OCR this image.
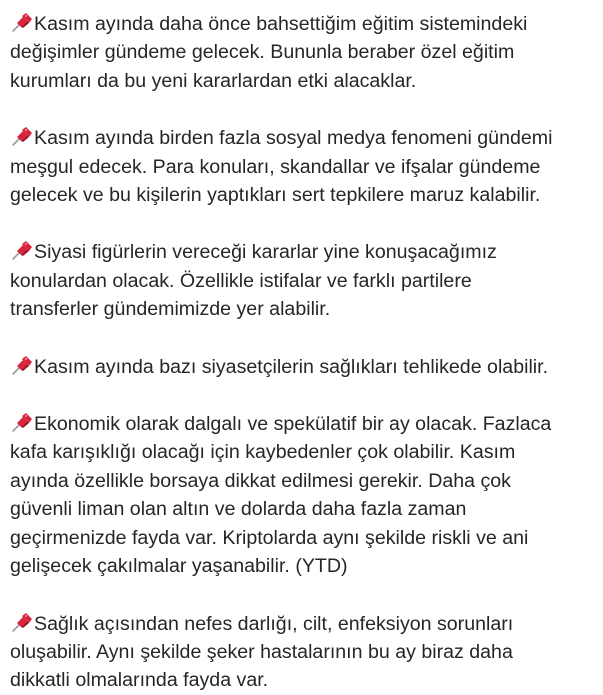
Kasım ayında daha önce bahsettiğim eğitim sistemindeki
değişimler gündeme gelecek. Bununla beraber özel eğitim
kurumları da bu yeni kararlardan etki alacaklar.

Kasım ayında birden fazla sosyal medya fenomeni gündemi
meşgul edecek. Para konuları, skandallar ve ifşalar gündeme
gelecek ve bu kişilerin yaptıkları sert tepkilere maruz kalabilir.

Siyasi figürlerin vereceği kararlar yine konuşacağımız
konulardan olacak. Özellikle istifalar ve farklı partilere
transferler gündemimizde yer alabilir.

Kasım ayında bazı siyasetçilerin sağlıkları tehlikede olabilir.

Ekonomik olarak dalgalı ve spekülatif bir ay olacak. Fazlaca
kafa karışıklığı olacağı için kaybedenler çok olabilir. Kasım
ayında özellikle borsaya dikkat edilmesi gerekir. Daha çok
güvenli liman olan altın ve dolarda daha fazla zaman
geçirmenizde fayda var. Kriptolarda aynı şekilde riskli ve ani
gelişecek çakılmalar yaşanabilir. (YTD)

Sağlık açısından nefes darlığı, cilt, enfeksiyon sorunları
oluşabilir. Aynı şekilde şeker hastalarının bu ay biraz daha
dikkatli olmalarında fayda var.
